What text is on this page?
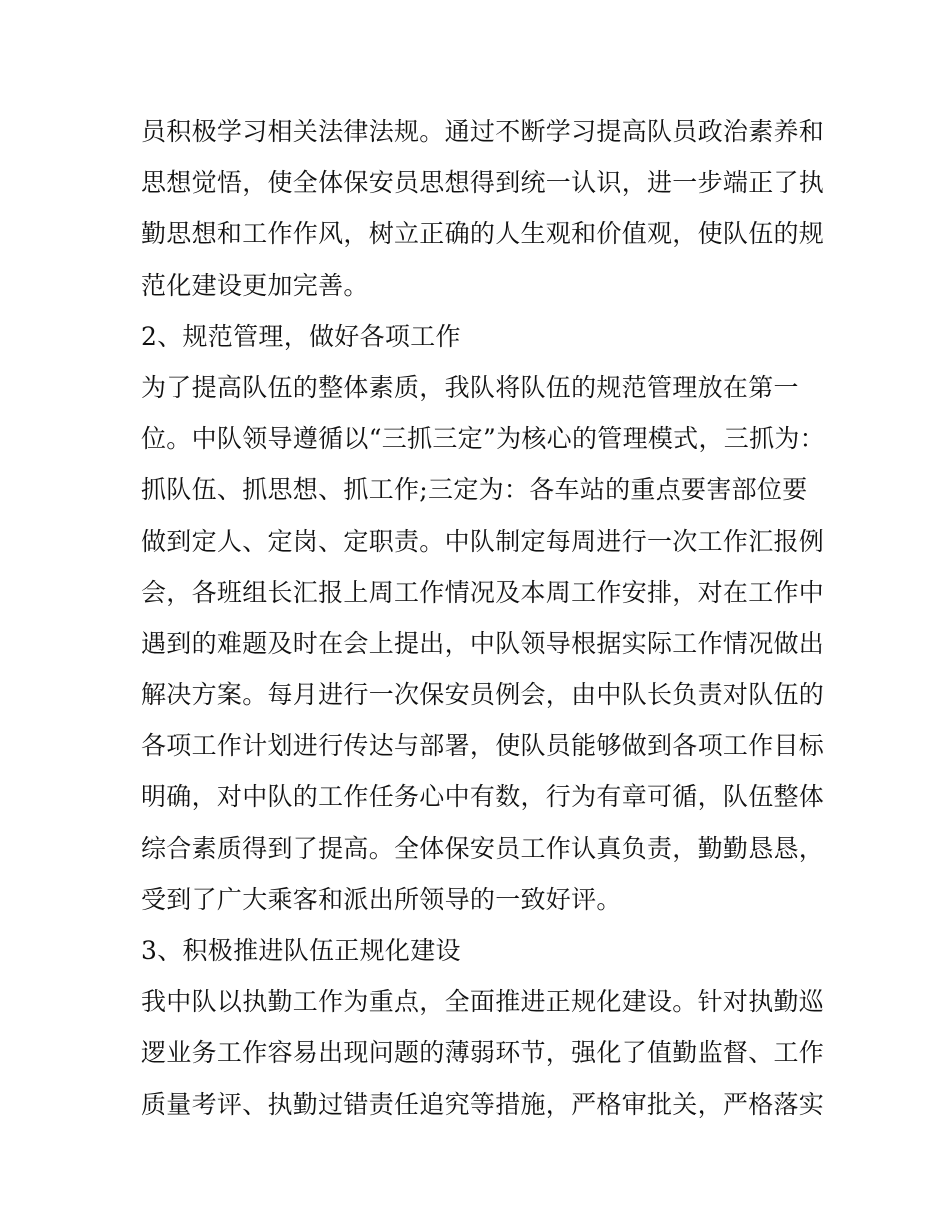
员积极学习相关法律法规。通过不断学习提高队员政治素养和
思想觉悟，使全体保安员思想得到统一认识，进一步端正了执
勤思想和工作作风，树立正确的人生观和价值观，使队伍的规
范化建设更加完善。
2、规范管理，做好各项工作
为了提高队伍的整体素质，我队将队伍的规范管理放在第一
位。中队领导遵循以“三抓三定”为核心的管理模式，三抓为：
抓队伍、抓思想、抓工作;三定为：各车站的重点要害部位要
做到定人、定岗、定职责。中队制定每周进行一次工作汇报例
会，各班组长汇报上周工作情况及本周工作安排，对在工作中
遇到的难题及时在会上提出，中队领导根据实际工作情况做出
解决方案。每月进行一次保安员例会，由中队长负责对队伍的
各项工作计划进行传达与部署，使队员能够做到各项工作目标
明确，对中队的工作任务心中有数，行为有章可循，队伍整体
综合素质得到了提高。全体保安员工作认真负责，勤勤恳恳，
受到了广大乘客和派出所领导的一致好评。
3、积极推进队伍正规化建设
我中队以执勤工作为重点，全面推进正规化建设。针对执勤巡
逻业务工作容易出现问题的薄弱环节，强化了值勤监督、工作
质量考评、执勤过错责任追究等措施，严格审批关，严格落实
